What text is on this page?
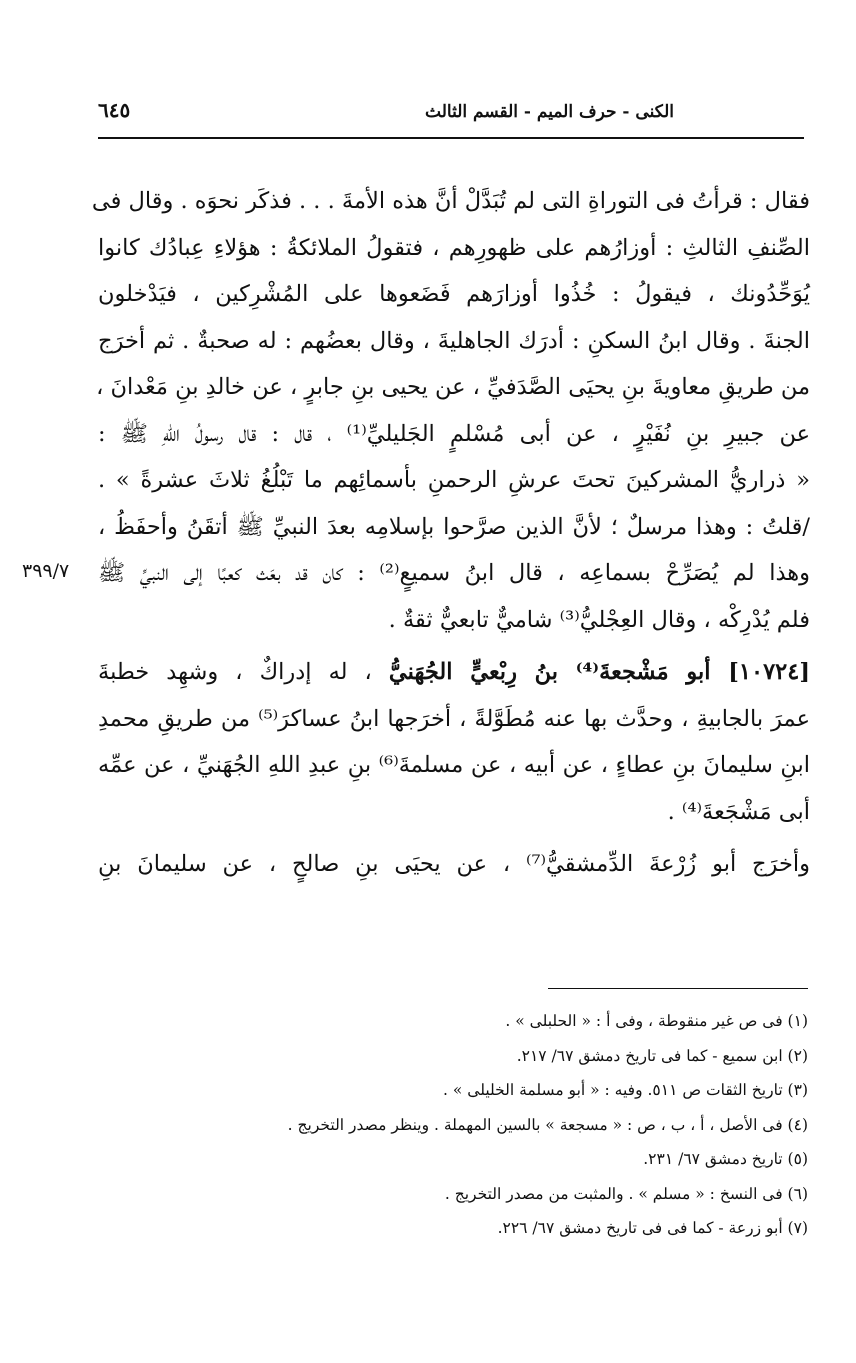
الكنى - حرف الميم - القسم الثالث
٦٤٥
٣٩٩/٧
فقال : قرأتُ فى التوراةِ التى لم تُبَدَّلْ أنَّ هذه الأمةَ . . . فذكَر نحوَه . وقال فى
الصِّنفِ الثالثِ : أوزارُهم على ظهورِهم ، فتقولُ الملائكةُ : هؤلاءِ عِبادُك كانوا
يُوَحِّدُونك ، فيقولُ : خُذُوا أوزارَهم فَضَعوها على المُشْرِكين ، فيَدْخلون
الجنةَ . وقال ابنُ السكنِ : أدرَك الجاهليةَ ، وقال بعضُهم : له صحبةٌ . ثم أخرَج
من طريقِ معاويةَ بنِ يحيَى الصَّدَفيِّ ، عن يحيى بنِ جابرٍ ، عن خالدِ بنِ مَعْدانَ ،
عن جبيرِ بنِ نُفَيْرٍ ، عن أبى مُسْلمٍ الجَليليِّ⁽¹⁾ ، قال : قال رسولُ اللهِ ﷺ :
« ذراريُّ المشركينَ تحتَ عرشِ الرحمنِ بأسمائِهم ما تَبْلُغُ ثلاثَ عشرةً » .
/قلتُ : وهذا مرسلٌ ؛ لأنَّ الذين صرَّحوا بإسلامِه بعدَ النبيِّ ﷺ أتقَنُ وأحفَظُ ،
وهذا لم يُصَرِّحْ بسماعِه ، قال ابنُ سميعٍ⁽²⁾ : كان قد بعَث كعبًا إلى النبيِّ ﷺ
فلم يُدْرِكْه ، وقال العِجْليُّ⁽³⁾ شاميٌّ تابعيٌّ ثقةٌ .
[١٠٧٢٤] أبو مَشْجعةَ⁽⁴⁾ بنُ رِبْعيٍّ الجُهَنيُّ ، له إدراكٌ ، وشهِد خطبةَ
عمرَ بالجابيةِ ، وحدَّث بها عنه مُطَوَّلةً ، أخرَجها ابنُ عساكرَ⁽⁵⁾ من طريقِ محمدِ
ابنِ سليمانَ بنِ عطاءٍ ، عن أبيه ، عن مسلمةَ⁽⁶⁾ بنِ عبدِ اللهِ الجُهَنيِّ ، عن عمِّه
أبى مَشْجَعةَ⁽⁴⁾ .
وأخرَج أبو زُرْعةَ الدِّمشقيُّ⁽⁷⁾ ، عن يحيَى بنِ صالحٍ ، عن سليمانَ بنِ
(١) فى ص غير منقوطة ، وفى أ : « الحلبلى » .
(٢) ابن سميع - كما فى تاريخ دمشق ٦٧/ ٢١٧.
(٣) تاريخ الثقات ص ٥١١. وفيه : « أبو مسلمة الخليلى » .
(٤) فى الأصل ، أ ، ب ، ص : « مسجعة » بالسين المهملة . وينظر مصدر التخريج .
(٥) تاريخ دمشق ٦٧/ ٢٣١.
(٦) فى النسخ : « مسلم » . والمثبت من مصدر التخريج .
(٧) أبو زرعة - كما فى فى تاريخ دمشق ٦٧/ ٢٢٦.
